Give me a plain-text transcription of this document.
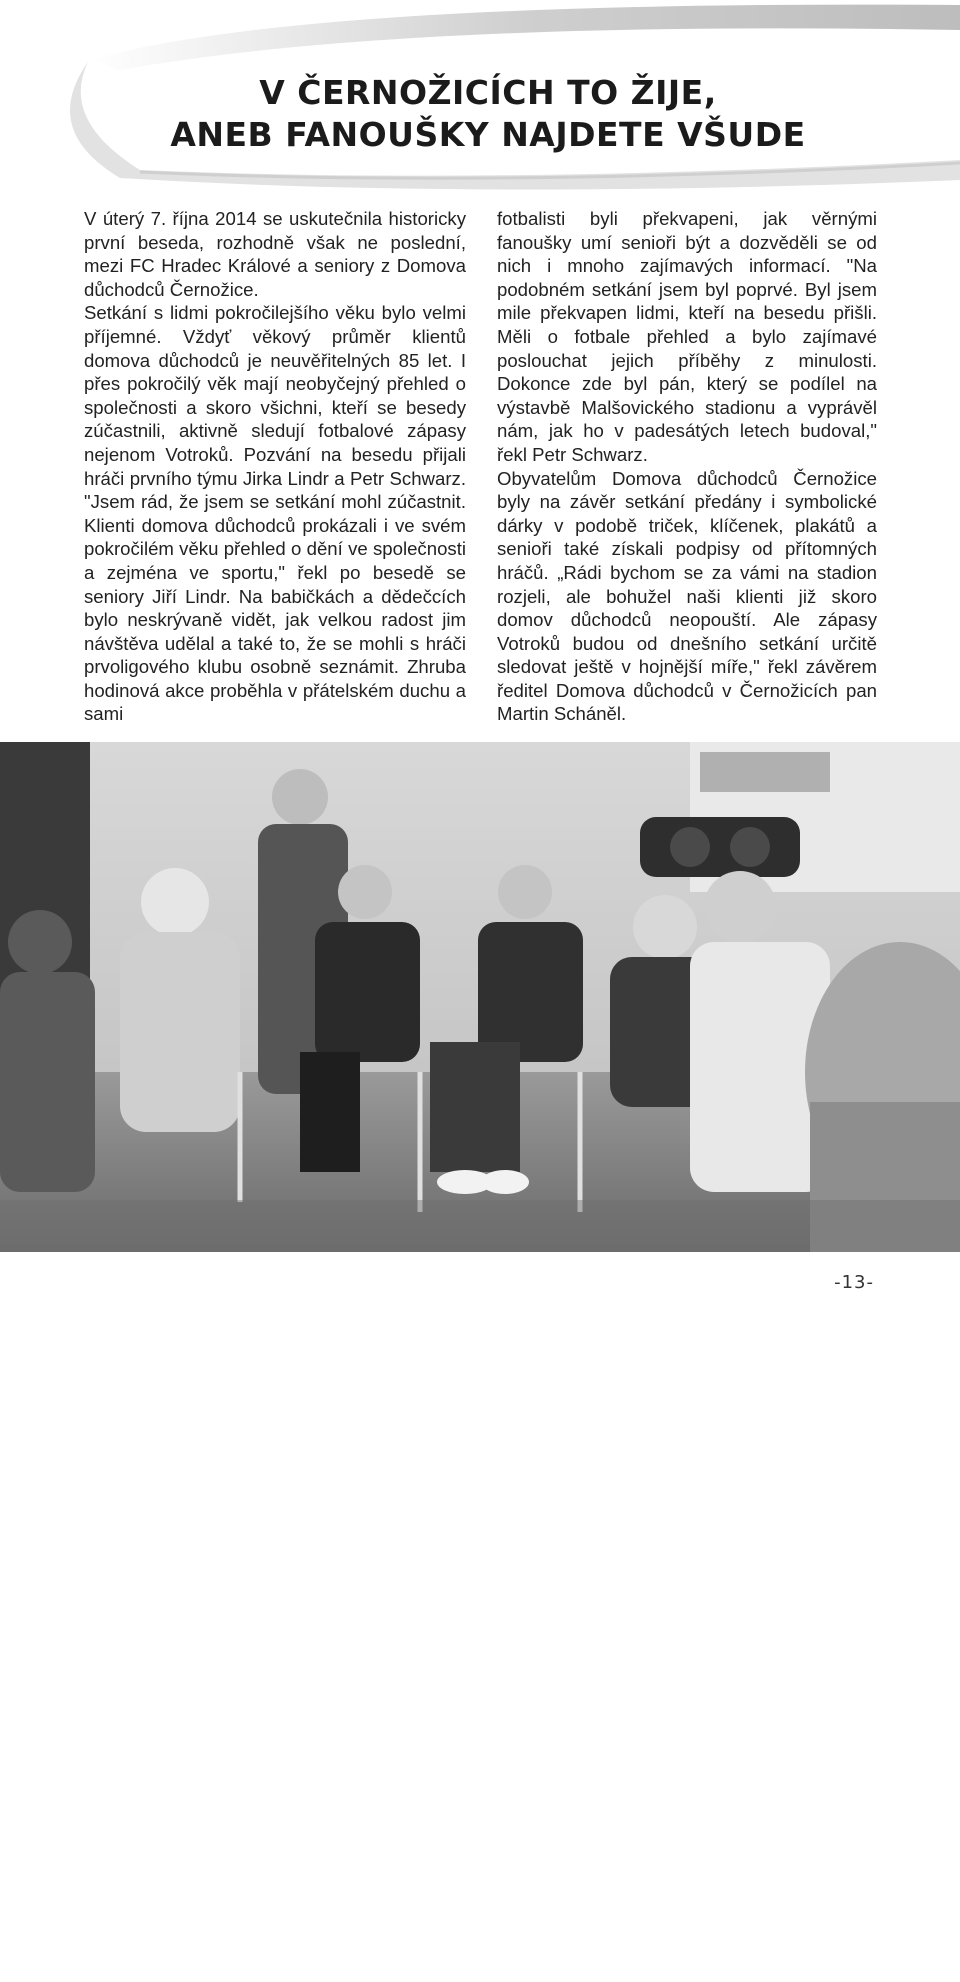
V ČERNOŽICÍCH TO ŽIJE,
ANEB FANOUŠKY NAJDETE VŠUDE

V úterý 7. října 2014 se uskutečnila historicky první beseda, rozhodně však ne poslední, mezi FC Hradec Králové a seniory z Domova důchodců Černožice.

Setkání s lidmi pokročilejšího věku bylo velmi příjemné. Vždyť věkový průměr klientů domova důchodců je neuvěřitelných 85 let. I přes pokročilý věk mají neobyčejný přehled o společnosti a skoro všichni, kteří se besedy zúčastnili, aktivně sledují fotbalové zápasy nejenom Votroků. Pozvání na besedu přijali hráči prvního týmu Jirka Lindr a Petr Schwarz. "Jsem rád, že jsem se setkání mohl zúčastnit. Klienti domova důchodců prokázali i ve svém pokročilém věku přehled o dění ve společnosti a zejména ve sportu," řekl po besedě se seniory Jiří Lindr. Na babičkách a dědečcích bylo neskrývaně vidět, jak velkou radost jim návštěva udělal a také to, že se mohli s hráči prvoligového klubu osobně seznámit. Zhruba hodinová akce proběhla v přátelském duchu a sami

fotbalisti byli překvapeni, jak věrnými fanoušky umí senioři být a dozvěděli se od nich i mnoho zajímavých informací. "Na podobném setkání jsem byl poprvé. Byl jsem mile překvapen lidmi, kteří na besedu přišli. Měli o fotbale přehled a bylo zajímavé poslouchat jejich příběhy z minulosti. Dokonce zde byl pán, který se podílel na výstavbě Malšovického stadionu a vyprávěl nám, jak ho v padesátých letech budoval," řekl Petr Schwarz.

Obyvatelům Domova důchodců Černožice byly na závěr setkání předány i symbolické dárky v podobě triček, klíčenek, plakátů a senioři také získali podpisy od přítomných hráčů. „Rádi bychom se za vámi na stadion rozjeli, ale bohužel naši klienti již skoro domov důchodců neopouští. Ale zápasy Votroků budou od dnešního setkání určitě sledovat ještě v hojnější míře," řekl závěrem ředitel Domova důchodců v Černožicích pan Martin Scháněl.

Jiří Lindr a Petr Schwarz seniorům trpělivě odpovídali.
-13-
